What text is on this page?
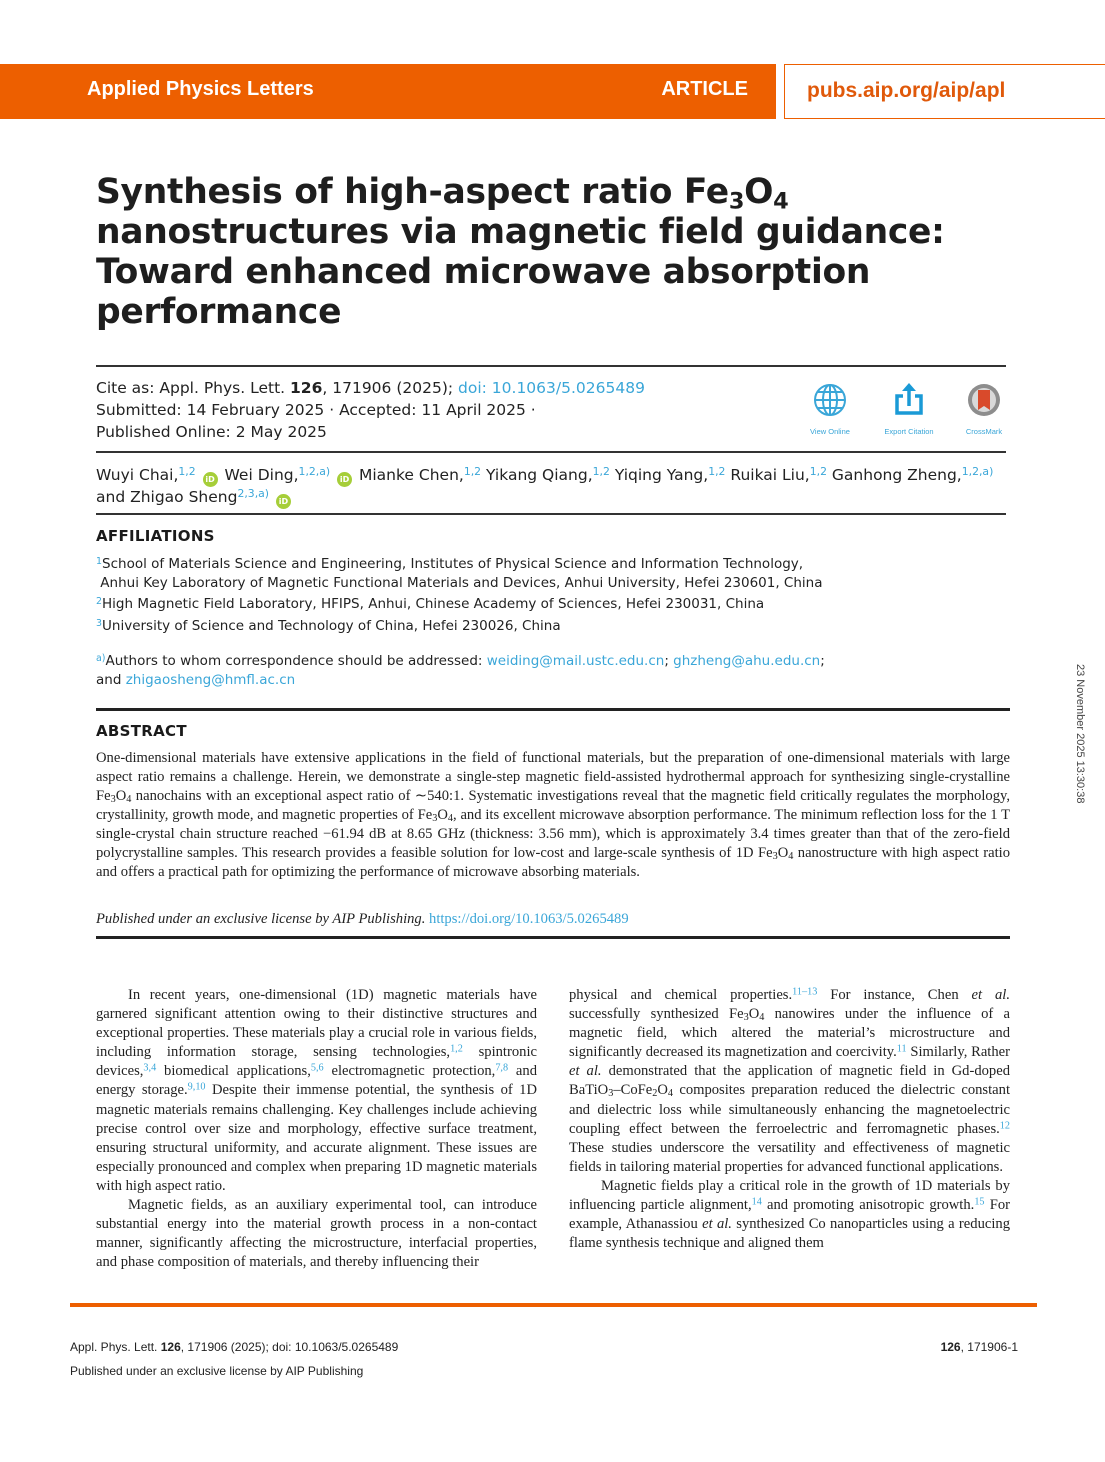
Applied Physics Letters	ARTICLE	pubs.aip.org/aip/apl
Synthesis of high-aspect ratio $Fe_3O_4$ nanostructures via magnetic field guidance: Toward enhanced microwave absorption performance
Cite as: Appl. Phys. Lett. 126, 171906 (2025); doi: 10.1063/5.0265489
Submitted: 14 February 2025 · Accepted: 11 April 2025 ·
Published Online: 2 May 2025	View Online	Export Citation	CrossMark
Wuyi Chai,$^{1,2}$ iD Wei Ding,$^{1,2,a)}$ iD Mianke Chen,$^{1,2}$ Yikang Qiang,$^{1,2}$ Yiqing Yang,$^{1,2}$ Ruikai Liu,$^{1,2}$ Ganhong Zheng,$^{1,2,a)}$
and Zhigao Sheng$^{2,3,a)}$ iD
AFFILIATIONS
$^1$School of Materials Science and Engineering, Institutes of Physical Science and Information Technology,
Anhui Key Laboratory of Magnetic Functional Materials and Devices, Anhui University, Hefei 230601, China
$^2$High Magnetic Field Laboratory, HFIPS, Anhui, Chinese Academy of Sciences, Hefei 230031, China
$^3$University of Science and Technology of China, Hefei 230026, China
$^{a)}$Authors to whom correspondence should be addressed: weiding@mail.ustc.edu.cn; ghzheng@ahu.edu.cn;
and zhigaosheng@hmfl.ac.cn
ABSTRACT
One-dimensional materials have extensive applications in the field of functional materials, but the preparation of one-dimensional materials with large aspect ratio remains a challenge. Herein, we demonstrate a single-step magnetic field-assisted hydrothermal approach for synthesizing single-crystalline $Fe_3O_4$ nanochains with an exceptional aspect ratio of ∼540:1. Systematic investigations reveal that the magnetic field critically regulates the morphology, crystallinity, growth mode, and magnetic properties of $Fe_3O_4$, and its excellent microwave absorption performance. The minimum reflection loss for the 1 T single-crystal chain structure reached −61.94 dB at 8.65 GHz (thickness: 3.56 mm), which is approximately 3.4 times greater than that of the zero-field polycrystalline samples. This research provides a feasible solution for low-cost and large-scale synthesis of 1D $Fe_3O_4$ nanostructure with high aspect ratio and offers a practical path for optimizing the performance of microwave absorbing materials.
Published under an exclusive license by AIP Publishing. https://doi.org/10.1063/5.0265489

In recent years, one-dimensional (1D) magnetic materials have garnered significant attention owing to their distinctive structures and exceptional properties. These materials play a crucial role in various fields, including information storage, sensing technologies,$^{1,2}$ spintronic devices,$^{3,4}$ biomedical applications,$^{5,6}$ electromagnetic protection,$^{7,8}$ and energy storage.$^{9,10}$ Despite their immense potential, the synthesis of 1D magnetic materials remains challenging. Key challenges include achieving precise control over size and morphology, effective surface treatment, ensuring structural uniformity, and accurate alignment. These issues are especially pronounced and complex when preparing 1D magnetic materials with high aspect ratio.

Magnetic fields, as an auxiliary experimental tool, can introduce substantial energy into the material growth process in a non-contact manner, significantly affecting the microstructure, interfacial properties, and phase composition of materials, and thereby influencing their

physical and chemical properties.$^{11-13}$ For instance, Chen et al. successfully synthesized $Fe_3O_4$ nanowires under the influence of a magnetic field, which altered the material’s microstructure and significantly decreased its magnetization and coercivity.$^{11}$ Similarly, Rather et al. demonstrated that the application of magnetic field in Gd-doped $BaTiO_3-CoFe_2O_4$ composites preparation reduced the dielectric constant and dielectric loss while simultaneously enhancing the magnetoelectric coupling effect between the ferroelectric and ferromagnetic phases.$^{12}$ These studies underscore the versatility and effectiveness of magnetic fields in tailoring material properties for advanced functional applications.

Magnetic fields play a critical role in the growth of 1D materials by influencing particle alignment,$^{14}$ and promoting anisotropic growth.$^{15}$ For example, Athanassiou et al. synthesized Co nanoparticles using a reducing flame synthesis technique and aligned them

Appl. Phys. Lett. 126, 171906 (2025); doi: 10.1063/5.0265489
Published under an exclusive license by AIP Publishing
126, 171906-1
23 November 2025 13:30:38
